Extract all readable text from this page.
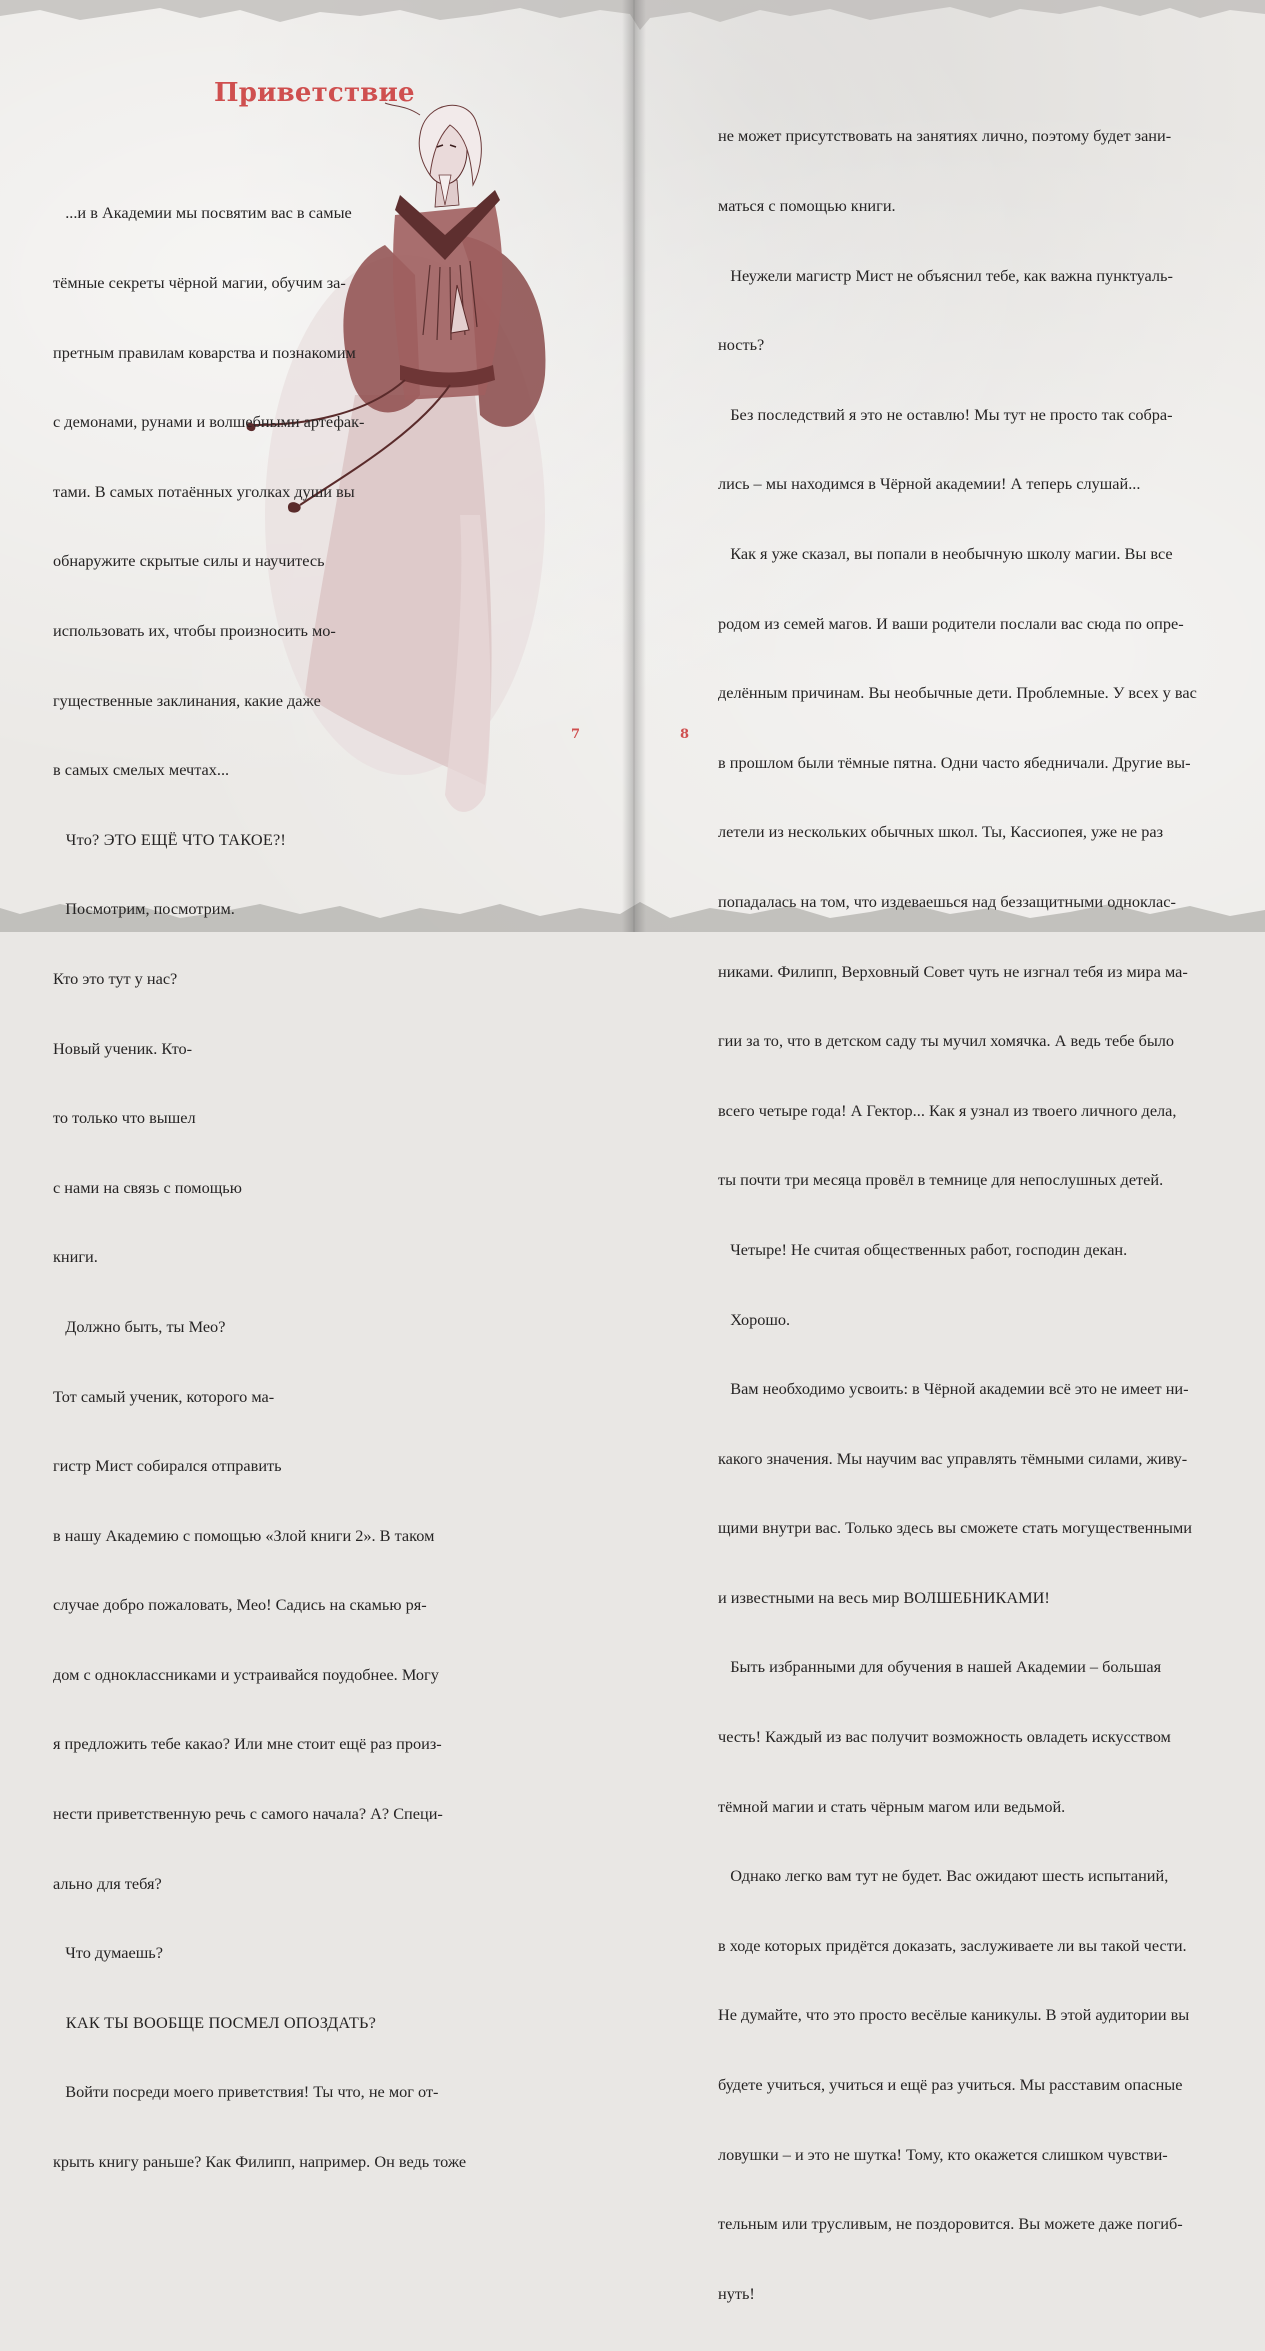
Приветствие

...и в Академии мы посвятим вас в самые

тёмные секреты чёрной магии, обучим за-

претным правилам коварства и познакомим

с демонами, рунами и волшебными артефак-

тами. В самых потаённых уголках души вы

обнаружите скрытые силы и научитесь

использовать их, чтобы произносить мо-

гущественные заклинания, какие даже

в самых смелых мечтах...

Что? ЭТО ЕЩЁ ЧТО ТАКОЕ?!

Посмотрим, посмотрим.

Кто это тут у нас?

Новый ученик. Кто-

то только что вышел

с нами на связь с помощью

книги.

Должно быть, ты Мео?

Тот самый ученик, которого ма-

гистр Мист собирался отправить

в нашу Академию с помощью «Злой книги 2». В таком

случае добро пожаловать, Мео! Садись на скамью ря-

дом с одноклассниками и устраивайся поудобнее. Могу

я предложить тебе какао? Или мне стоит ещё раз произ-

нести приветственную речь с самого начала? А? Специ-

ально для тебя?

Что думаешь?

КАК ТЫ ВООБЩЕ ПОСМЕЛ ОПОЗДАТЬ?

Войти посреди моего приветствия! Ты что, не мог от-

крыть книгу раньше? Как Филипп, например. Он ведь тоже

7

не может присутствовать на занятиях лично, поэтому будет зани-

маться с помощью книги.

Неужели магистр Мист не объяснил тебе, как важна пунктуаль-

ность?

Без последствий я это не оставлю! Мы тут не просто так собра-

лись – мы находимся в Чёрной академии! А теперь слушай...

Как я уже сказал, вы попали в необычную школу магии. Вы все

родом из семей магов. И ваши родители послали вас сюда по опре-

делённым причинам. Вы необычные дети. Проблемные. У всех у вас

в прошлом были тёмные пятна. Одни часто ябедничали. Другие вы-

летели из нескольких обычных школ. Ты, Кассиопея, уже не раз

попадалась на том, что издеваешься над беззащитными одноклас-

никами. Филипп, Верховный Совет чуть не изгнал тебя из мира ма-

гии за то, что в детском саду ты мучил хомячка. А ведь тебе было

всего четыре года! А Гектор... Как я узнал из твоего личного дела,

ты почти три месяца провёл в темнице для непослушных детей.

Четыре! Не считая общественных работ, господин декан.

Хорошо.

Вам необходимо усвоить: в Чёрной академии всё это не имеет ни-

какого значения. Мы научим вас управлять тёмными силами, живу-

щими внутри вас. Только здесь вы сможете стать могущественными

и известными на весь мир ВОЛШЕБНИКАМИ!

Быть избранными для обучения в нашей Академии – большая

честь! Каждый из вас получит возможность овладеть искусством

тёмной магии и стать чёрным магом или ведьмой.

Однако легко вам тут не будет. Вас ожидают шесть испытаний,

в ходе которых придётся доказать, заслуживаете ли вы такой чести.

Не думайте, что это просто весёлые каникулы. В этой аудитории вы

будете учиться, учиться и ещё раз учиться. Мы расставим опасные

ловушки – и это не шутка! Тому, кто окажется слишком чувстви-

тельным или трусливым, не поздоровится. Вы можете даже погиб-

нуть!

8
